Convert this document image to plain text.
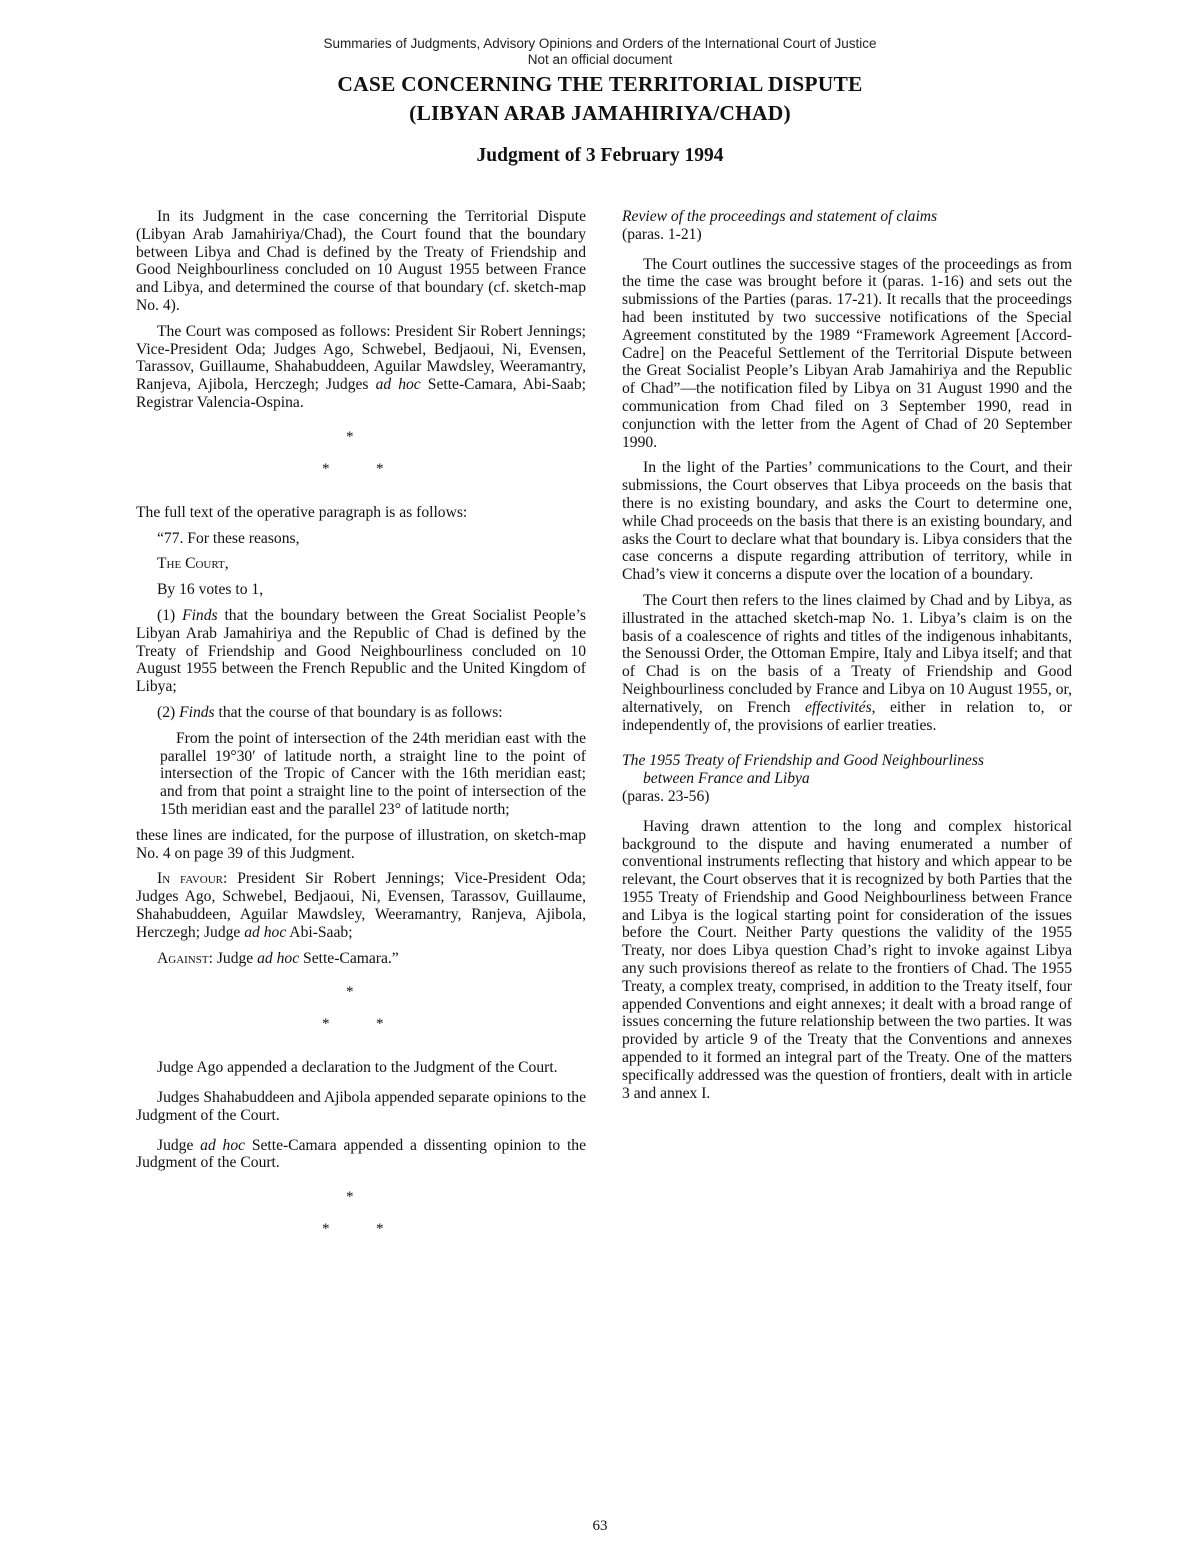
Summaries of Judgments, Advisory Opinions and Orders of the International Court of Justice
Not an official document
CASE CONCERNING THE TERRITORIAL DISPUTE
(LIBYAN ARAB JAMAHIRIYA/CHAD)
Judgment of 3 February 1994

In its Judgment in the case concerning the Territorial Dispute (Libyan Arab Jamahiriya/Chad), the Court found that the boundary between Libya and Chad is defined by the Treaty of Friendship and Good Neighbourliness concluded on 10 August 1955 between France and Libya, and determined the course of that boundary (cf. sketch-map No. 4).

The Court was composed as follows: President Sir Robert Jennings; Vice-President Oda; Judges Ago, Schwebel, Bedjaoui, Ni, Evensen, Tarassov, Guillaume, Shahabuddeen, Aguilar Mawdsley, Weeramantry, Ranjeva, Ajibola, Herczegh; Judges ad hoc Sette-Camara, Abi-Saab; Registrar Valencia-Ospina.

*
*	*

The full text of the operative paragraph is as follows:

“77. For these reasons,

The Court,

By 16 votes to 1,

(1) Finds that the boundary between the Great Socialist People’s Libyan Arab Jamahiriya and the Republic of Chad is defined by the Treaty of Friendship and Good Neighbourliness concluded on 10 August 1955 between the French Republic and the United Kingdom of Libya;

(2) Finds that the course of that boundary is as follows:

From the point of intersection of the 24th meridian east with the parallel 19°30′ of latitude north, a straight line to the point of intersection of the Tropic of Cancer with the 16th meridian east; and from that point a straight line to the point of intersection of the 15th meridian east and the parallel 23° of latitude north;

these lines are indicated, for the purpose of illustration, on sketch-map No. 4 on page 39 of this Judgment.

In favour: President Sir Robert Jennings; Vice-President Oda; Judges Ago, Schwebel, Bedjaoui, Ni, Evensen, Tarassov, Guillaume, Shahabuddeen, Aguilar Mawdsley, Weeramantry, Ranjeva, Ajibola, Herczegh; Judge ad hoc Abi-Saab;

Against: Judge ad hoc Sette-Camara.”

*
*	*

Judge Ago appended a declaration to the Judgment of the Court.

Judges Shahabuddeen and Ajibola appended separate opinions to the Judgment of the Court.

Judge ad hoc Sette-Camara appended a dissenting opinion to the Judgment of the Court.

*
*	*

Review of the proceedings and statement of claims

(paras. 1-21)

The Court outlines the successive stages of the proceedings as from the time the case was brought before it (paras. 1-16) and sets out the submissions of the Parties (paras. 17-21). It recalls that the proceedings had been instituted by two successive notifications of the Special Agreement constituted by the 1989 “Framework Agreement [Accord-Cadre] on the Peaceful Settlement of the Territorial Dispute between the Great Socialist People’s Libyan Arab Jamahiriya and the Republic of Chad”—the notification filed by Libya on 31 August 1990 and the communication from Chad filed on 3 September 1990, read in conjunction with the letter from the Agent of Chad of 20 September 1990.

In the light of the Parties’ communications to the Court, and their submissions, the Court observes that Libya proceeds on the basis that there is no existing boundary, and asks the Court to determine one, while Chad proceeds on the basis that there is an existing boundary, and asks the Court to declare what that boundary is. Libya considers that the case concerns a dispute regarding attribution of territory, while in Chad’s view it concerns a dispute over the location of a boundary.

The Court then refers to the lines claimed by Chad and by Libya, as illustrated in the attached sketch-map No. 1. Libya’s claim is on the basis of a coalescence of rights and titles of the indigenous inhabitants, the Senoussi Order, the Ottoman Empire, Italy and Libya itself; and that of Chad is on the basis of a Treaty of Friendship and Good Neighbourliness concluded by France and Libya on 10 August 1955, or, alternatively, on French effectivités, either in relation to, or independently of, the provisions of earlier treaties.

The 1955 Treaty of Friendship and Good Neighbourliness

between France and Libya

(paras. 23-56)

Having drawn attention to the long and complex historical background to the dispute and having enumerated a number of conventional instruments reflecting that history and which appear to be relevant, the Court observes that it is recognized by both Parties that the 1955 Treaty of Friendship and Good Neighbourliness between France and Libya is the logical starting point for consideration of the issues before the Court. Neither Party questions the validity of the 1955 Treaty, nor does Libya question Chad’s right to invoke against Libya any such provisions thereof as relate to the frontiers of Chad. The 1955 Treaty, a complex treaty, comprised, in addition to the Treaty itself, four appended Conventions and eight annexes; it dealt with a broad range of issues concerning the future relationship between the two parties. It was provided by article 9 of the Treaty that the Conventions and annexes appended to it formed an integral part of the Treaty. One of the matters specifically addressed was the question of frontiers, dealt with in article 3 and annex I.

63
